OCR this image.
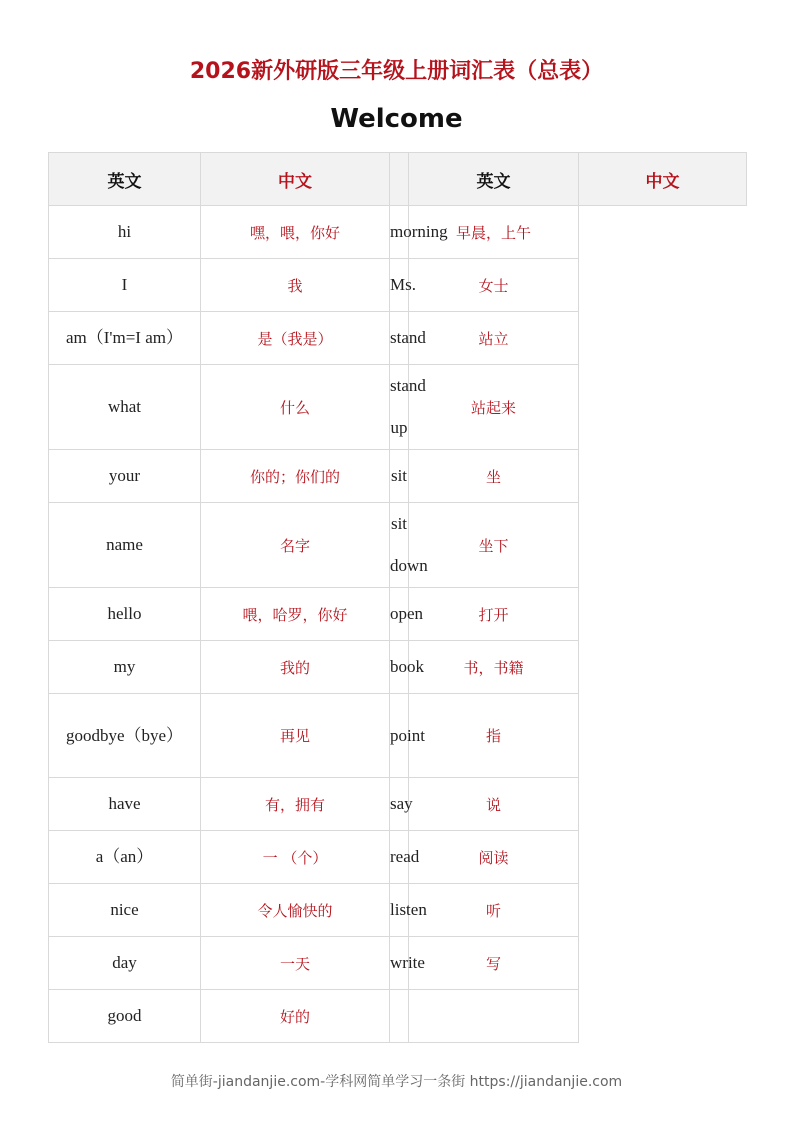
2026新外研版三年级上册词汇表（总表）
Welcome
英文	中文		英文	中文
hi	嘿，喂，你好	morning	早晨，上午	
I	我	Ms.	女士	
am（I'm=I am）	是（我是）	stand	站立	
what	什么	stand up	站起来	
your	你的；你们的	sit	坐	
name	名字	sit down	坐下	
hello	喂，哈罗，你好	open	打开	
my	我的	book	书，书籍	
goodbye（bye）	再见	point	指	
have	有，拥有	say	说	
a（an）	一 （个）	read	阅读	
nice	令人愉快的	listen	听	
day	一天	write	写	
good	好的			
简单街-jiandanjie.com-学科网简单学习一条街 https://jiandanjie.com
